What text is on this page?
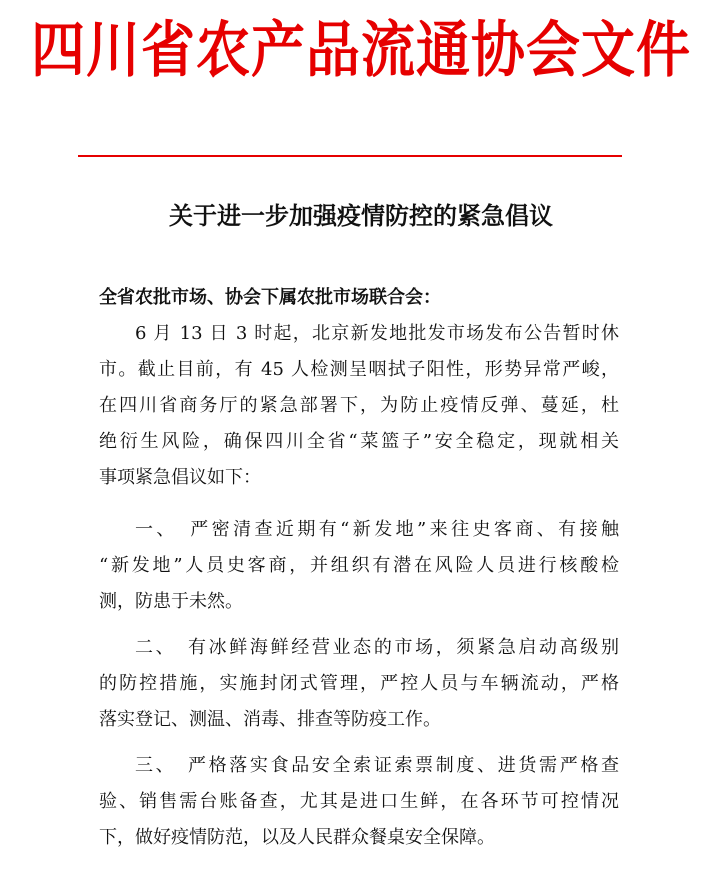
四川省农产品流通协会文件
关于进一步加强疫情防控的紧急倡议
全省农批市场、协会下属农批市场联合会：
6 月 13 日 3 时起，北京新发地批发市场发布公告暂时休
市。截止目前，有 45 人检测呈咽拭子阳性，形势异常严峻，
在四川省商务厅的紧急部署下，为防止疫情反弹、蔓延，杜
绝衍生风险，确保四川全省“菜篮子”安全稳定，现就相关
事项紧急倡议如下：
一、　严密清查近期有“新发地”来往史客商、有接触
“新发地”人员史客商，并组织有潜在风险人员进行核酸检
测，防患于未然。
二、　有冰鲜海鲜经营业态的市场，须紧急启动高级别
的防控措施，实施封闭式管理，严控人员与车辆流动，严格
落实登记、测温、消毒、排查等防疫工作。
三、　严格落实食品安全索证索票制度、进货需严格查
验、销售需台账备查，尤其是进口生鲜，在各环节可控情况
下，做好疫情防范，以及人民群众餐桌安全保障。
